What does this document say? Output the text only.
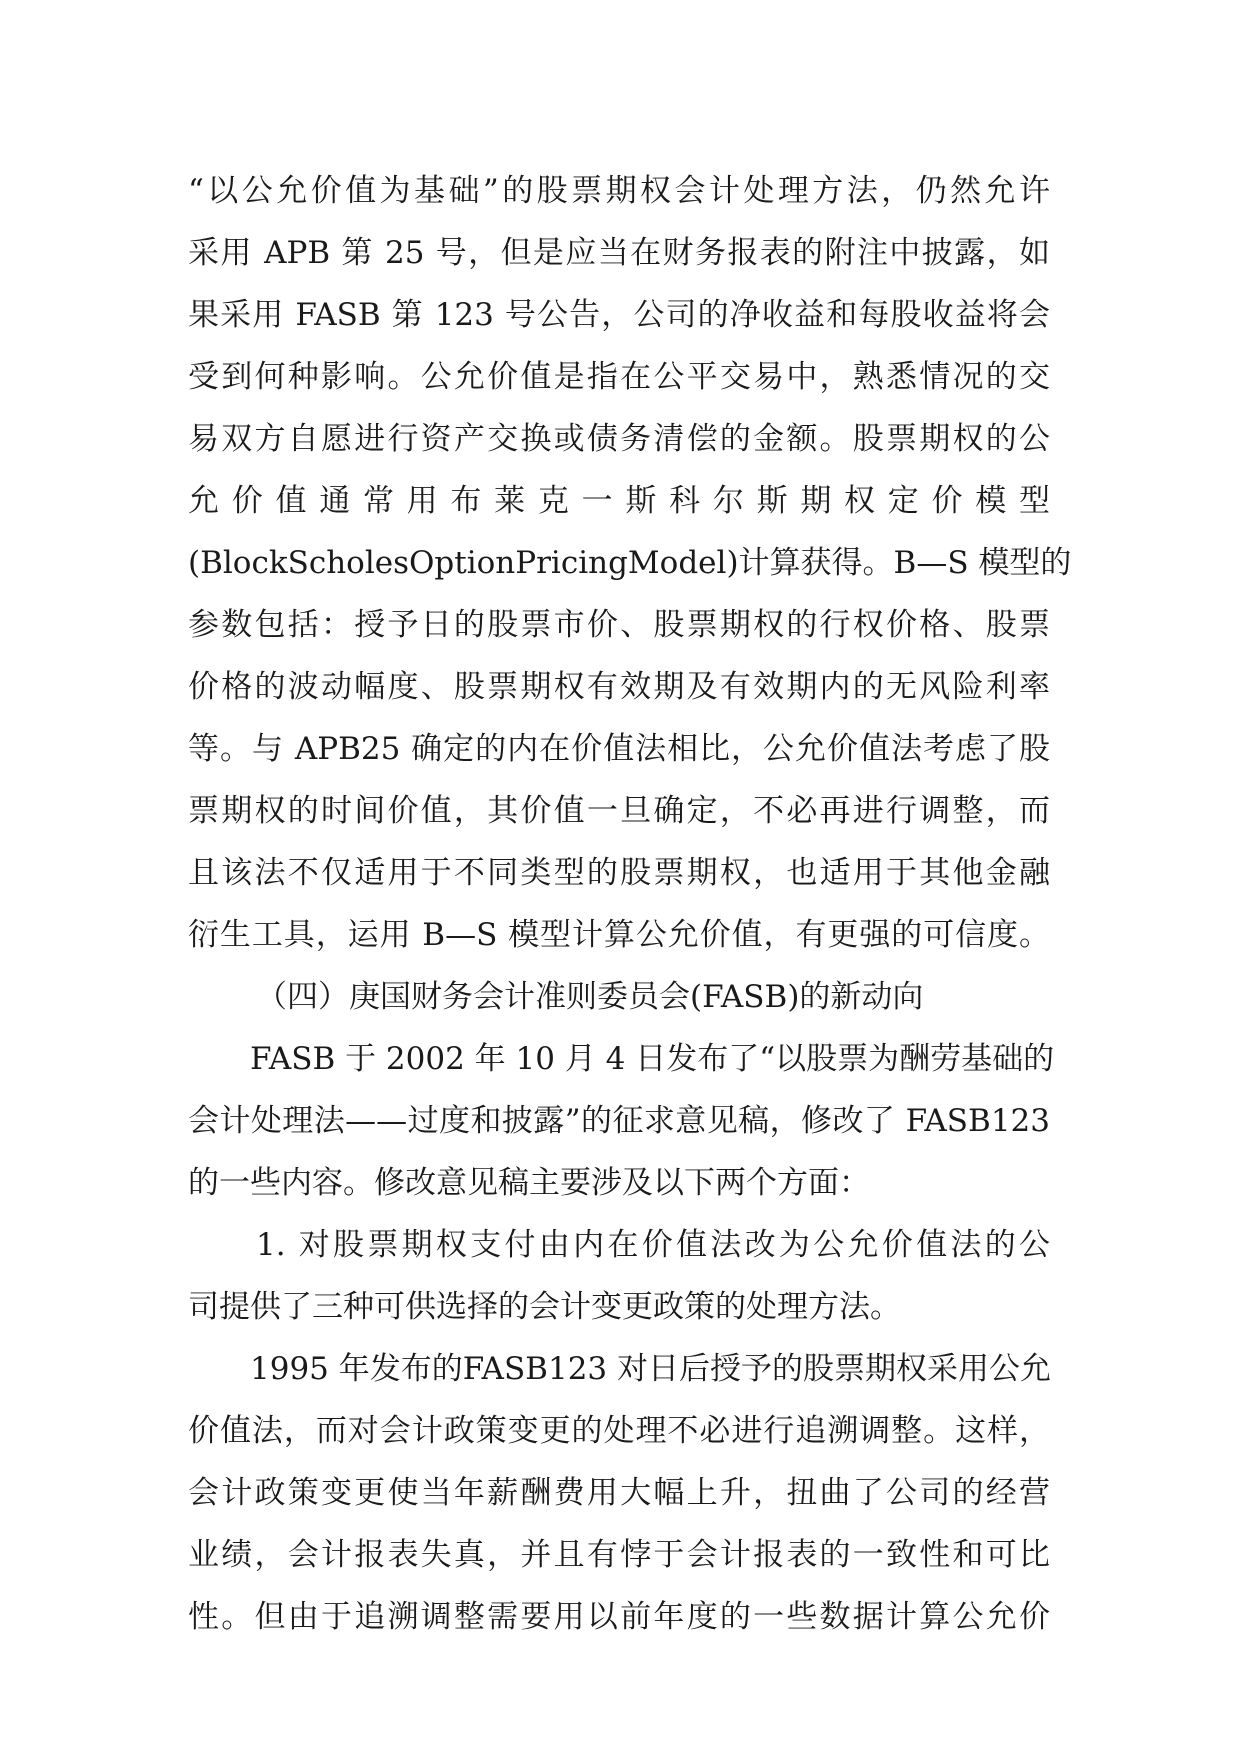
“以公允价值为基础”的股票期权会计处理方法，仍然允许
采用 APB 第 25 号，但是应当在财务报表的附注中披露，如
果采用 FASB 第 123 号公告，公司的净收益和每股收益将会
受到何种影响。公允价值是指在公平交易中，熟悉情况的交
易双方自愿进行资产交换或债务清偿的金额。股票期权的公
允价值通常用布莱克一斯科尔斯期权定价模型
(BlockScholesOptionPricingModel)计算获得。B—S 模型的
参数包括：授予日的股票市价、股票期权的行权价格、股票
价格的波动幅度、股票期权有效期及有效期内的无风险利率
等。与 APB25 确定的内在价值法相比，公允价值法考虑了股
票期权的时间价值，其价值一旦确定，不必再进行调整，而
且该法不仅适用于不同类型的股票期权，也适用于其他金融
衍生工具，运用 B—S 模型计算公允价值，有更强的可信度。
（四）庚国财务会计准则委员会(FASB)的新动向
FASB 于 2002 年 10 月 4 日发布了“以股票为酬劳基础的
会计处理法——过度和披露”的征求意见稿，修改了 FASB123
的一些内容。修改意见稿主要涉及以下两个方面：
1. 对股票期权支付由内在价值法改为公允价值法的公
司提供了三种可供选择的会计变更政策的处理方法。
1995 年发布的FASB123 对日后授予的股票期权采用公允
价值法，而对会计政策变更的处理不必进行追溯调整。这样，
会计政策变更使当年薪酬费用大幅上升，扭曲了公司的经营
业绩，会计报表失真，并且有悖于会计报表的一致性和可比
性。但由于追溯调整需要用以前年度的一些数据计算公允价
